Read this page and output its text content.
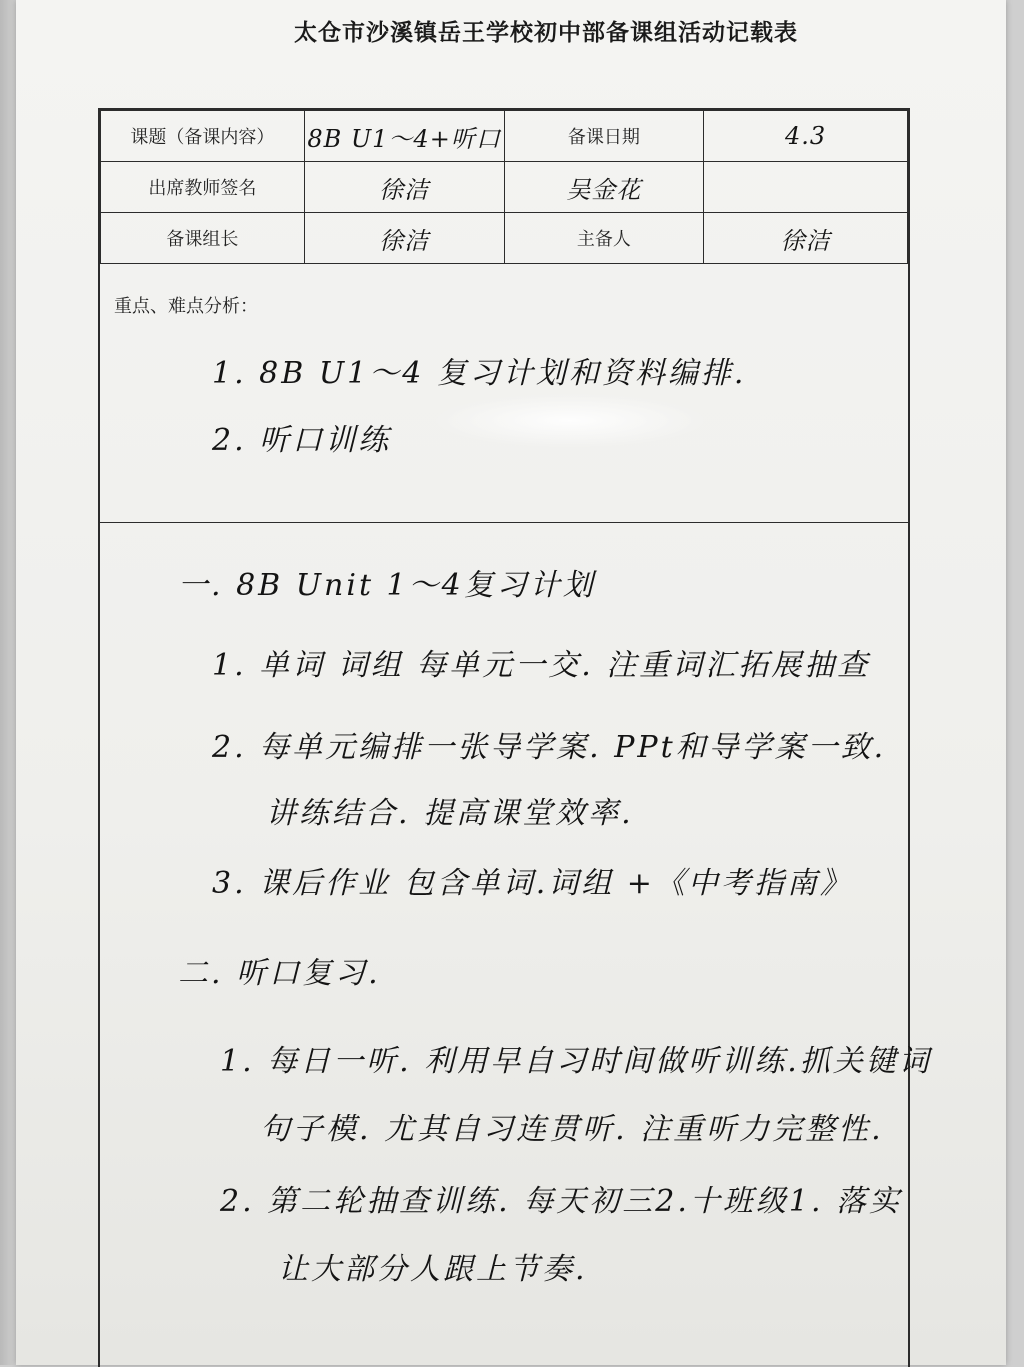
太仓市沙溪镇岳王学校初中部备课组活动记载表
课题（备课内容）	8B U1～4+听口	备课日期	4.3
出席教师签名	徐洁	吴金花	
备课组长	徐洁	主备人	徐洁
重点、难点分析：
1. 8B U1～4 复习计划和资料编排.
2. 听口训练
一. 8B Unit 1～4复习计划
1. 单词 词组 每单元一交. 注重词汇拓展抽查
2. 每单元编排一张导学案. PPt和导学案一致.
讲练结合. 提高课堂效率.
3. 课后作业 包含单词.词组 +《中考指南》
二. 听口复习.
1. 每日一听. 利用早自习时间做听训练.抓关键词
句子模. 尤其自习连贯听. 注重听力完整性.
2. 第二轮抽查训练. 每天初三2.十班级1. 落实
让大部分人跟上节奏.
